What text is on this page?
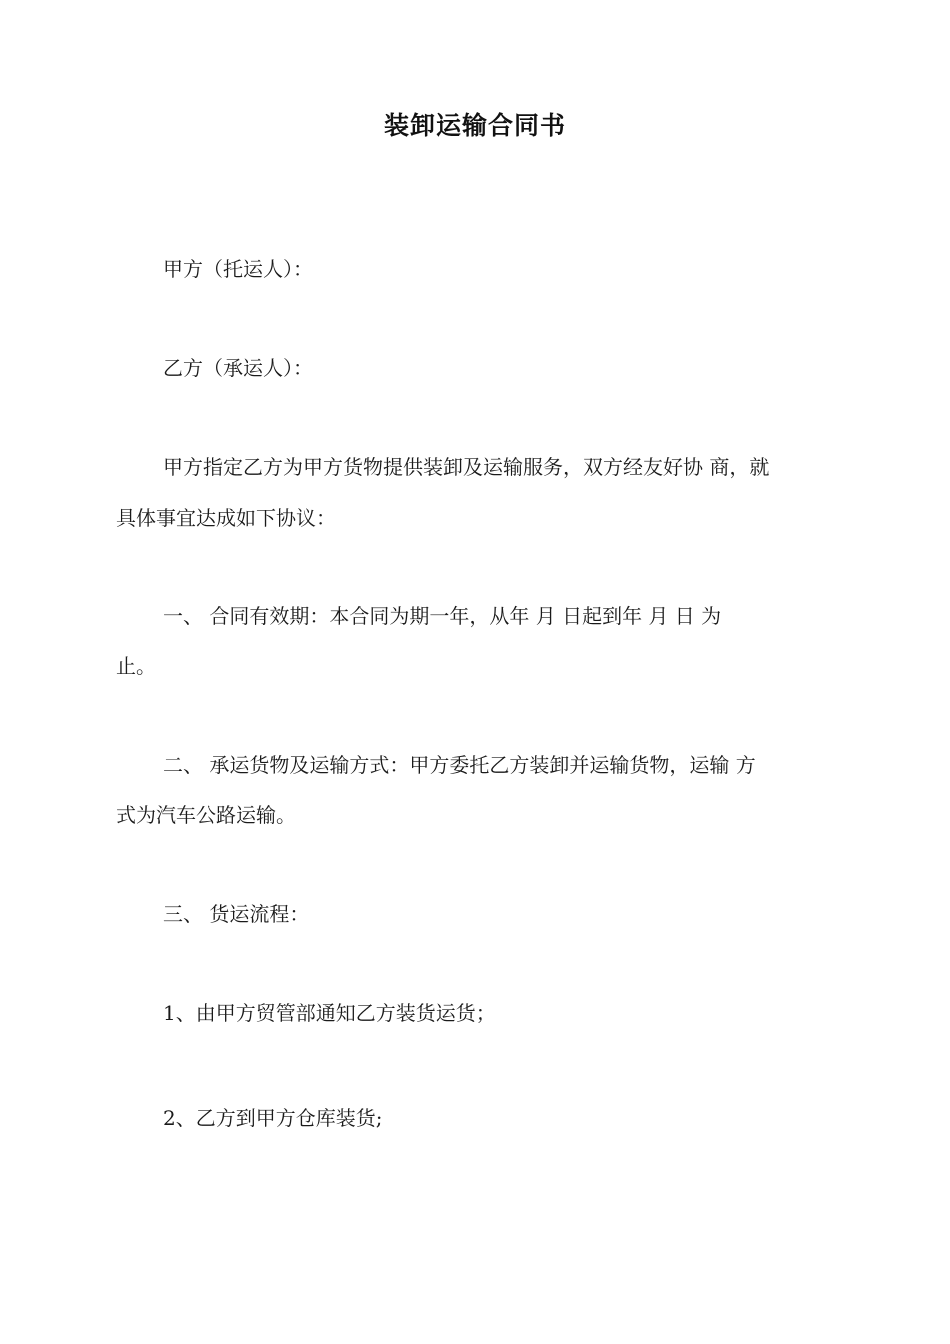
装卸运输合同书
甲方（托运人）：
乙方（承运人）：
甲方指定乙方为甲方货物提供装卸及运输服务，双方经友好协 商，就
具体事宜达成如下协议：
一、 合同有效期：本合同为期一年，从年 月 日起到年 月 日 为
止。
二、 承运货物及运输方式：甲方委托乙方装卸并运输货物，运输 方
式为汽车公路运输。
三、 货运流程：
1、由甲方贸管部通知乙方装货运货；
2、乙方到甲方仓库装货;
